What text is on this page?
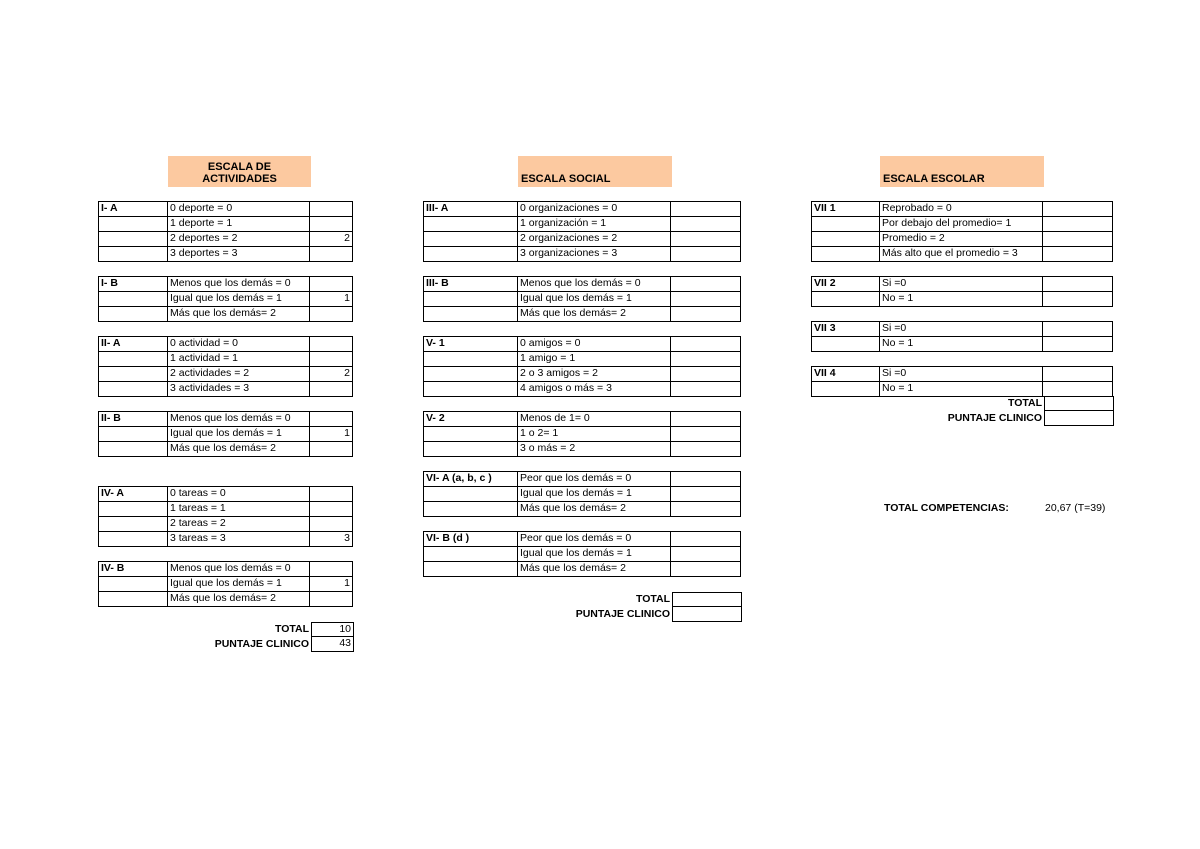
ESCALA DE
ACTIVIDADES	ESCALA SOCIAL	ESCALA ESCOLAR
I- A	0 deporte = 0
1 deporte = 1
2 deportes = 2	2
3 deportes = 3
I- B	Menos que los demás = 0
Igual que los demás = 1	1
Más que los demás= 2
II- A	0 actividad = 0
1 actividad = 1
2 actividades = 2	2
3 actividades = 3
II- B	Menos que los demás = 0
Igual que los demás = 1	1
Más que los demás= 2
IV- A	0 tareas = 0
1 tareas = 1
2 tareas = 2
3 tareas = 3	3
IV- B	Menos que los demás = 0
Igual que los demás = 1	1
Más que los demás= 2
III- A	0 organizaciones = 0
1 organización = 1
2 organizaciones = 2
3 organizaciones = 3
III- B	Menos que los demás = 0
Igual que los demás = 1
Más que los demás= 2
V- 1	0 amigos = 0
1 amigo = 1
2 o 3 amigos = 2
4 amigos o más = 3
V- 2	Menos de 1= 0
1 o 2= 1
3 o más = 2
VI- A (a, b, c )	Peor que los demás = 0
Igual que los demás = 1
Más que los demás= 2
VI- B (d )	Peor que los demás = 0
Igual que los demás = 1
Más que los demás= 2
VII 1	Reprobado = 0
Por debajo del promedio= 1
Promedio = 2
Más alto que el promedio = 3
VII 2	Si =0
No = 1
VII 3	Si =0
No = 1
VII 4	Si =0
No = 1
TOTAL	10
PUNTAJE CLINICO	43
TOTAL
PUNTAJE CLINICO
TOTAL
PUNTAJE CLINICO
TOTAL COMPETENCIAS:	20,67 (T=39)
